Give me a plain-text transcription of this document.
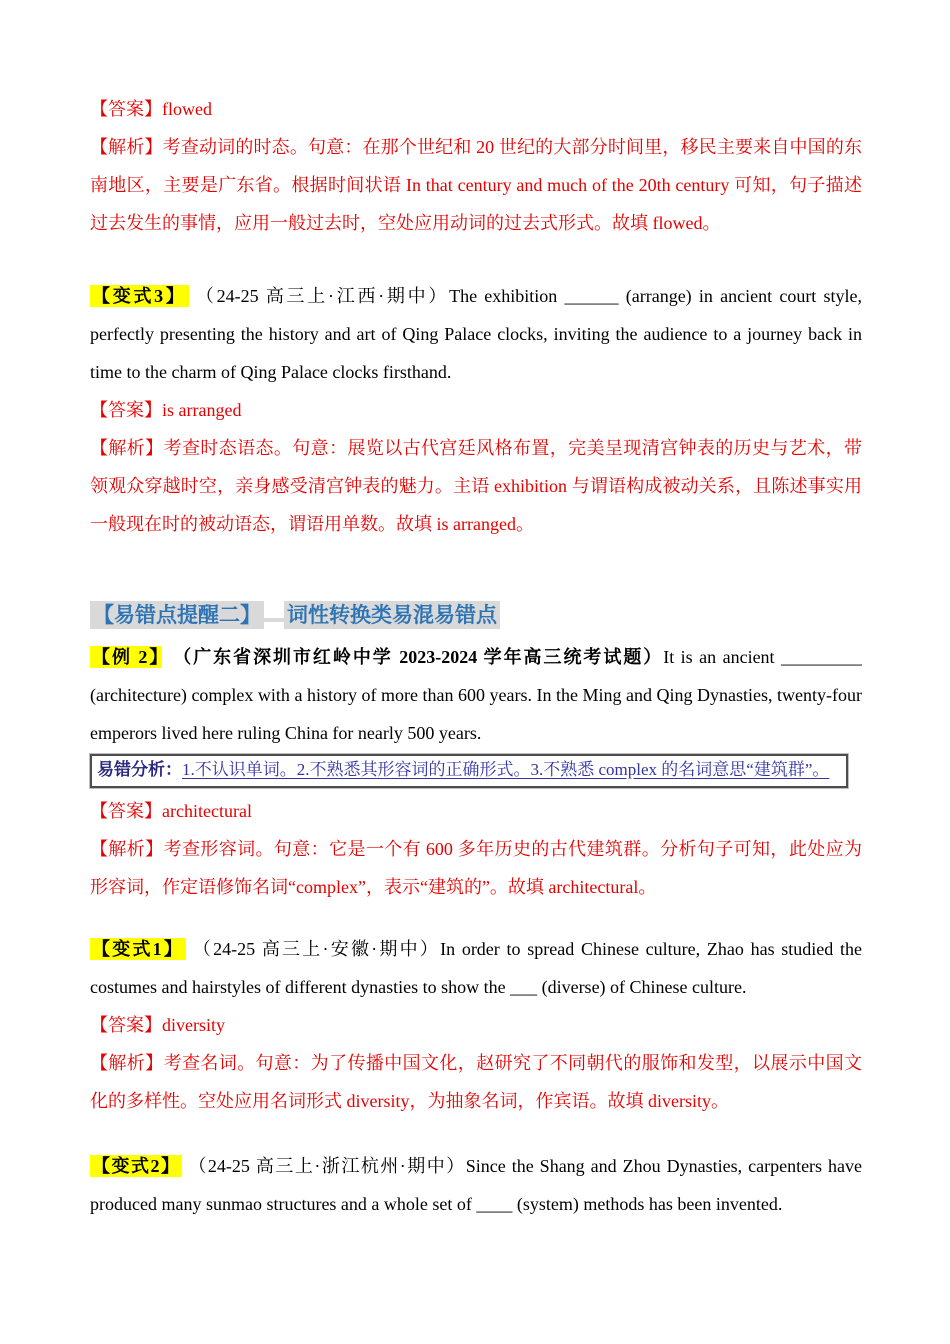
【答案】flowed

【解析】考查动词的时态。句意：在那个世纪和 20 世纪的大部分时间里，移民主要来自中国的东南地区，主要是广东省。根据时间状语 In that century and much of the 20th century 可知，句子描述过去发生的事情，应用一般过去时，空处应用动词的过去式形式。故填 flowed。

【变式3】 （24-25 高三上·江西·期中）The exhibition ______ (arrange) in ancient court style, perfectly presenting the history and art of Qing Palace clocks, inviting the audience to a journey back in time to the charm of Qing Palace clocks firsthand.

【答案】is arranged

【解析】考查时态语态。句意：展览以古代宫廷风格布置，完美呈现清宫钟表的历史与艺术，带领观众穿越时空，亲身感受清宫钟表的魅力。主语 exhibition 与谓语构成被动关系，且陈述事实用一般现在时的被动语态，谓语用单数。故填 is arranged。

【易错点提醒二】 词性转换类易混易错点

【例 2】　 （广东省深圳市红岭中学 2023-2024 学年高三统考试题）It is an ancient _________ (architecture) complex with a history of more than 600 years. In the Ming and Qing Dynasties, twenty-four emperors lived here ruling China for nearly 500 years.

易错分析：1.不认识单词。2.不熟悉其形容词的正确形式。3.不熟悉 complex 的名词意思“建筑群”。

【答案】architectural

【解析】考查形容词。句意：它是一个有 600 多年历史的古代建筑群。分析句子可知，此处应为形容词，作定语修饰名词“complex”，表示“建筑的”。故填 architectural。

【变式1】 （24-25 高三上·安徽·期中）In order to spread Chinese culture, Zhao has studied the costumes and hairstyles of different dynasties to show the ___ (diverse) of Chinese culture.

【答案】diversity

【解析】考查名词。句意：为了传播中国文化，赵研究了不同朝代的服饰和发型，以展示中国文化的多样性。空处应用名词形式 diversity，为抽象名词，作宾语。故填 diversity。

【变式2】 （24-25 高三上·浙江杭州·期中）Since the Shang and Zhou Dynasties, carpenters have produced many sunmao structures and a whole set of ____ (system) methods has been invented.
